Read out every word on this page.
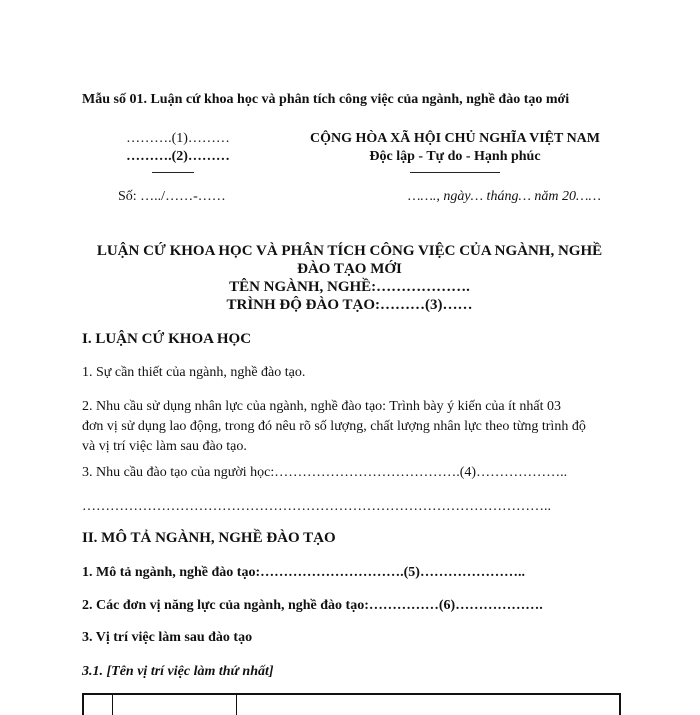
Mẫu số 01. Luận cứ khoa học và phân tích công việc của ngành, nghề đào tạo mới
……….(1)………
……….(2)………
CỘNG HÒA XÃ HỘI CHỦ NGHĨA VIỆT NAM
Độc lập - Tự do - Hạnh phúc
Số: …../……-……	……., ngày… tháng… năm 20……
LUẬN CỨ KHOA HỌC VÀ PHÂN TÍCH CÔNG VIỆC CỦA NGÀNH, NGHỀ
ĐÀO TẠO MỚI
TÊN NGÀNH, NGHỀ:……………….
TRÌNH ĐỘ ĐÀO TẠO:………(3)……
I. LUẬN CỨ KHOA HỌC
1. Sự cần thiết của ngành, nghề đào tạo.
2. Nhu cầu sử dụng nhân lực của ngành, nghề đào tạo: Trình bày ý kiến của ít nhất 03
đơn vị sử dụng lao động, trong đó nêu rõ số lượng, chất lượng nhân lực theo từng trình độ
và vị trí việc làm sau đào tạo.
3. Nhu cầu đào tạo của người học:………………………………….(4)………………..
………………………………………………………………………………………..
II. MÔ TẢ NGÀNH, NGHỀ ĐÀO TẠO
1. Mô tả ngành, nghề đào tạo:………………………….(5)…………………..
2. Các đơn vị năng lực của ngành, nghề đào tạo:……………(6)……………….
3. Vị trí việc làm sau đào tạo
3.1. [Tên vị trí việc làm thứ nhất]
